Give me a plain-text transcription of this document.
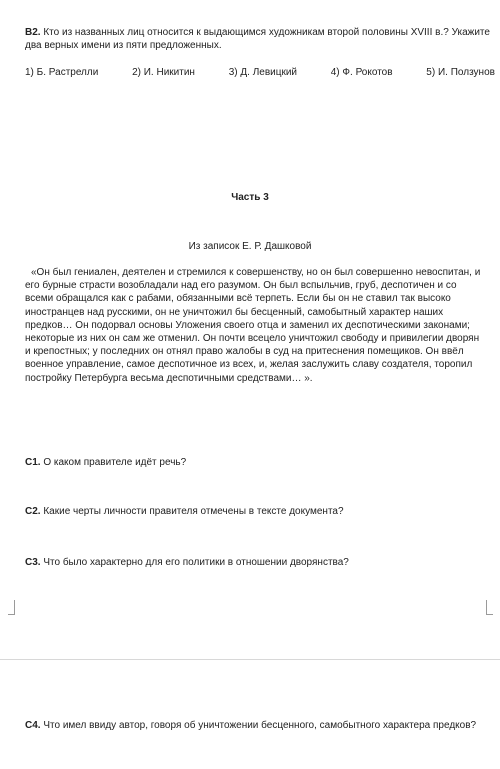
В2. Кто из названных лиц относится к выдающимся художникам второй половины XVIII в.? Укажите два верных имени из пяти предложенных.
1) Б. Растрелли	2) И. Никитин	3) Д. Левицкий	4) Ф. Рокотов	5) И. Ползунов
Часть 3
Из записок Е. Р. Дашковой
«Он был гениален, деятелен и стремился к совершенству, но он был совершенно невоспитан, и его бурные страсти возобладали над его разумом. Он был вспыльчив, груб, деспотичен и со всеми обращался как с рабами, обязанными всё терпеть. Если бы он не ставил так высоко иностранцев над русскими, он не уничтожил бы бесценный, самобытный характер наших предков… Он подорвал основы Уложения своего отца и заменил их деспотическими законами; некоторые из них он сам же отменил. Он почти всецело уничтожил свободу и привилегии дворян и крепостных; у последних он отнял право жалобы в суд на притеснения помещиков. Он ввёл военное управление, самое деспотичное из всех, и, желая заслужить славу создателя, торопил постройку Петербурга весьма деспотичными средствами… ».
С1. О каком правителе идёт речь?
С2. Какие черты личности правителя отмечены в тексте документа?
С3. Что было характерно для его политики в отношении дворянства?
С4. Что имел ввиду автор, говоря об уничтожении бесценного, самобытного характера предков?
